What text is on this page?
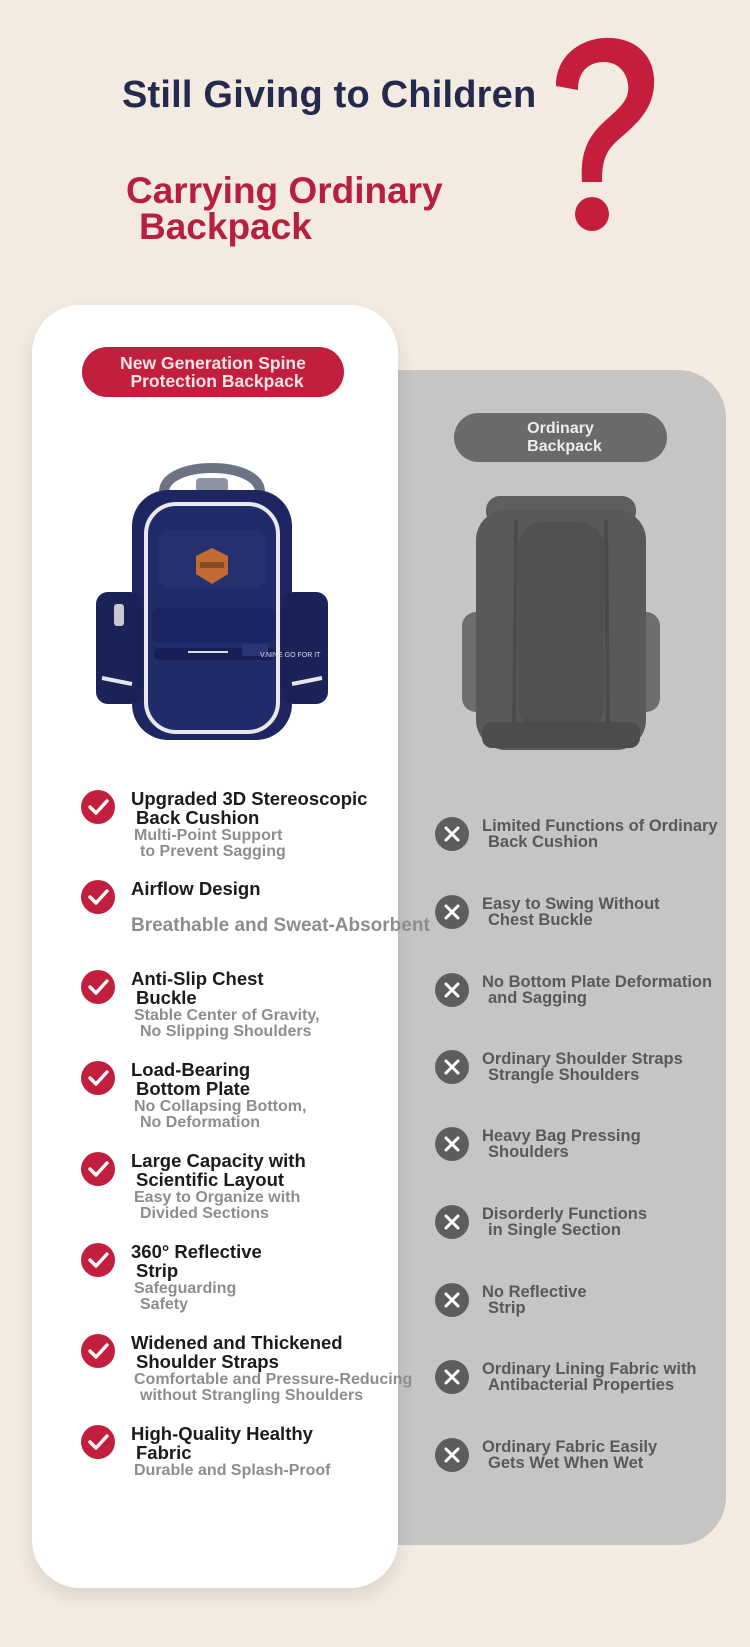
Still Giving to Children
Carrying Ordinary
Backpack
New Generation Spine
Protection Backpack
Ordinary
Backpack
V.NINE GO FOR IT
Upgraded 3D Stereoscopic
Back Cushion
Multi-Point Support
to Prevent Sagging
Airflow Design
Breathable and Sweat-Absorbent
Anti-Slip Chest
Buckle
Stable Center of Gravity,
No Slipping Shoulders
Load-Bearing
Bottom Plate
No Collapsing Bottom,
No Deformation
Large Capacity with
Scientific Layout
Easy to Organize with
Divided Sections
360° Reflective
Strip
Safeguarding
Safety
Widened and Thickened
Shoulder Straps
Comfortable and Pressure-Reducing
without Strangling Shoulders
High-Quality Healthy
Fabric
Durable and Splash-Proof
Limited Functions of Ordinary
Back Cushion
Easy to Swing Without
Chest Buckle
No Bottom Plate Deformation
and Sagging
Ordinary Shoulder Straps
Strangle Shoulders
Heavy Bag Pressing
Shoulders
Disorderly Functions
in Single Section
No Reflective
Strip
Ordinary Lining Fabric with
Antibacterial Properties
Ordinary Fabric Easily
Gets Wet When Wet
